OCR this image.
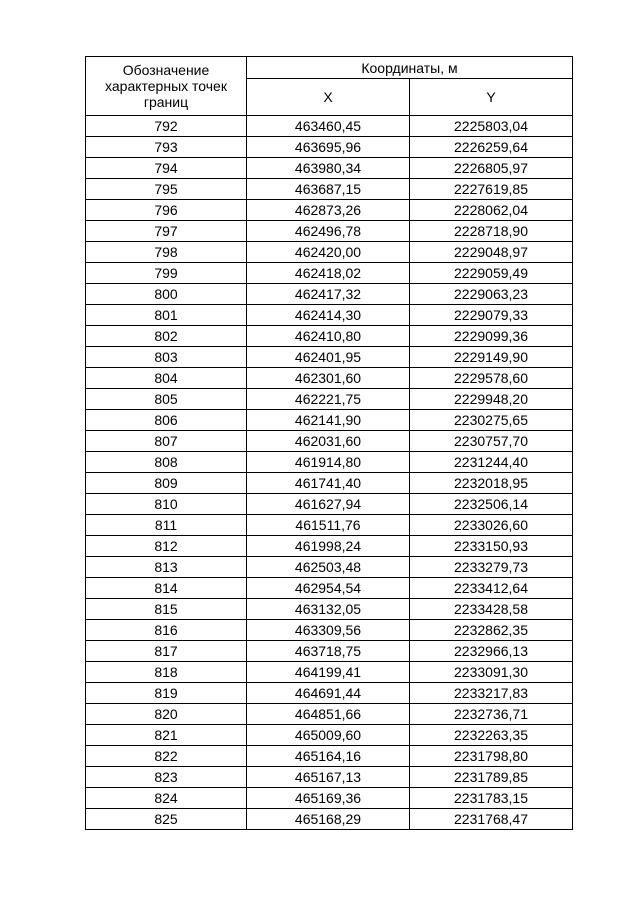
Обозначение характерных точек границ	Координаты, м	
	X	Y
792	463460,45	2225803,04
793	463695,96	2226259,64
794	463980,34	2226805,97
795	463687,15	2227619,85
796	462873,26	2228062,04
797	462496,78	2228718,90
798	462420,00	2229048,97
799	462418,02	2229059,49
800	462417,32	2229063,23
801	462414,30	2229079,33
802	462410,80	2229099,36
803	462401,95	2229149,90
804	462301,60	2229578,60
805	462221,75	2229948,20
806	462141,90	2230275,65
807	462031,60	2230757,70
808	461914,80	2231244,40
809	461741,40	2232018,95
810	461627,94	2232506,14
811	461511,76	2233026,60
812	461998,24	2233150,93
813	462503,48	2233279,73
814	462954,54	2233412,64
815	463132,05	2233428,58
816	463309,56	2232862,35
817	463718,75	2232966,13
818	464199,41	2233091,30
819	464691,44	2233217,83
820	464851,66	2232736,71
821	465009,60	2232263,35
822	465164,16	2231798,80
823	465167,13	2231789,85
824	465169,36	2231783,15
825	465168,29	2231768,47
